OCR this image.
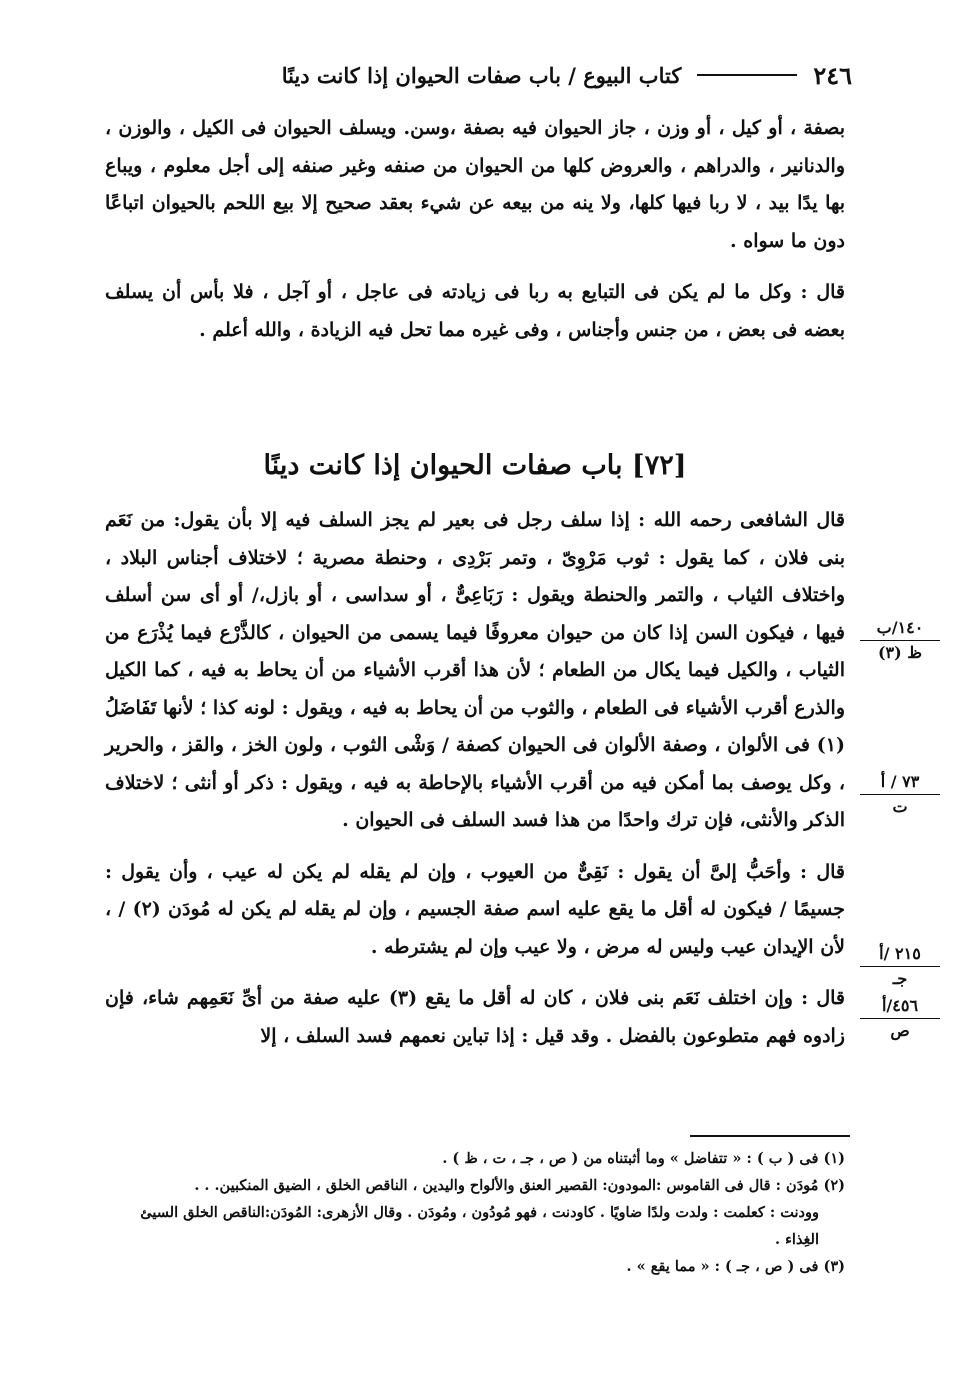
٢٤٦
كتاب البيوع / باب صفات الحيوان إذا كانت دينًا

بصفة ، أو كيل ، أو وزن ، جاز الحيوان فيه بصفة ،وسن. ويسلف الحيوان فى الكيل ، والوزن ، والدنانير ، والدراهم ، والعروض كلها من الحيوان من صنفه وغير صنفه إلى أجل معلوم ، ويباع بها يدًا بيد ، لا ربا فيها كلها، ولا ينه من بيعه عن شيء بعقد صحيح إلا بيع اللحم بالحيوان اتباعًا دون ما سواه .

قال : وكل ما لم يكن فى التبايع به ربا فى زيادته فى عاجل ، أو آجل ، فلا بأس أن يسلف بعضه فى بعض ، من جنس وأجناس ، وفى غيره مما تحل فيه الزيادة ، والله أعلم .

[٧٢] باب صفات الحيوان إذا كانت دينًا

قال الشافعى رحمه الله : إذا سلف رجل فى بعير لم يجز السلف فيه إلا بأن يقول: من نَعَم بنى فلان ، كما يقول : ثوب مَرْوِىّ ، وتمر بَرْدِى ، وحنطة مصرية ؛ لاختلاف أجناس البلاد ، واختلاف الثياب ، والتمر والحنطة ويقول : رَبَاعِىٌّ ، أو سداسى ، أو بازل،/ أو أى سن أسلف فيها ، فيكون السن إذا كان من حيوان معروفًا فيما يسمى من الحيوان ، كالذَّرْع فيما يُذْرَع من الثياب ، والكيل فيما يكال من الطعام ؛ لأن هذا أقرب الأشياء من أن يحاط به فيه ، كما الكيل والذرع أقرب الأشياء فى الطعام ، والثوب من أن يحاط به فيه ، ويقول : لونه كذا ؛ لأنها تَفَاضَلُ (١) فى الألوان ، وصفة الألوان فى الحيوان كصفة / وَشْى الثوب ، ولون الخز ، والقز ، والحرير ، وكل يوصف بما أمكن فيه من أقرب الأشياء بالإحاطة به فيه ، ويقول : ذكر أو أنثى ؛ لاختلاف الذكر والأنثى، فإن ترك واحدًا من هذا فسد السلف فى الحيوان .

قال : وأحَبُّ إلىَّ أن يقول : نَقِىٌّ من العيوب ، وإن لم يقله لم يكن له عيب ، وأن يقول : جسيمًا / فيكون له أقل ما يقع عليه اسم صفة الجسيم ، وإن لم يقله لم يكن له مُودَن (٢) / ، لأن الإيدان عيب وليس له مرض ، ولا عيب وإن لم يشترطه .

قال : وإن اختلف نَعَم بنى فلان ، كان له أقل ما يقع (٣) عليه صفة من أىِّ نَعَمِهم شاء، فإن زادوه فهم متطوعون بالفضل . وقد قيل : إذا تباين نعمهم فسد السلف ، إلا

١٤٠/ب
ظ (٣)
٧٣ / أ
ت
٢١٥ /أ
جـ
٤٥٦/أ
ص

(١) فى ( ب ) : « تتفاضل » وما أثبتناه من ( ص ، جـ ، ت ، ظ ) .

(٢) مُودَن : قال فى القاموس :المودون: القصير العنق والألواح واليدين ، الناقص الخلق ، الضيق المنكبين. . .

وودنت : كعلمت : ولدت ولدًا ضاويًا . كاودنت ، فهو مُودُون ، ومُودَن . وقال الأزهرى: المُودَن:الناقص الخلق السيئ الغِذاء .

(٣) فى ( ص ، جـ ) : « مما يقع » .
